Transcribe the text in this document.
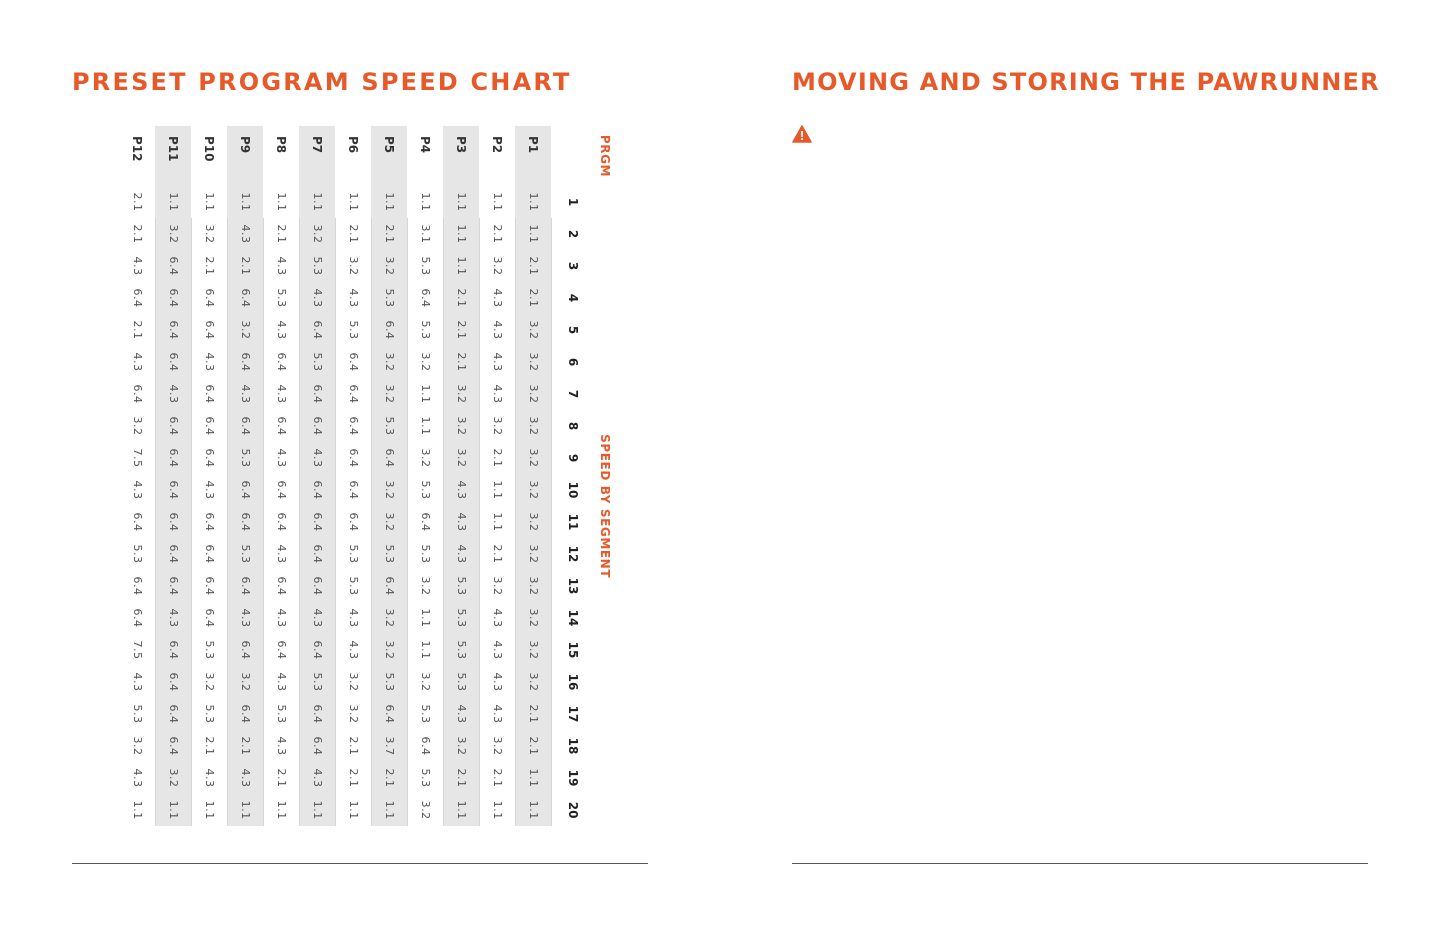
PRESET PROGRAM SPEED CHART
PRGM	SPEED BY SEGMENT																			
	1	2	3	4	5	6	7	8	9	10	11	12	13	14	15	16	17	18	19	20
P1	1.1	1.1	2.1	2.1	3.2	3.2	3.2	3.2	3.2	3.2	3.2	3.2	3.2	3.2	3.2	3.2	2.1	2.1	1.1	1.1
P2	1.1	2.1	3.2	4.3	4.3	4.3	4.3	3.2	2.1	1.1	1.1	2.1	3.2	4.3	4.3	4.3	4.3	3.2	2.1	1.1
P3	1.1	1.1	1.1	2.1	2.1	2.1	3.2	3.2	3.2	4.3	4.3	4.3	5.3	5.3	5.3	5.3	4.3	3.2	2.1	1.1
P4	1.1	3.1	5.3	6.4	5.3	3.2	1.1	1.1	3.2	5.3	6.4	5.3	3.2	1.1	1.1	3.2	5.3	6.4	5.3	3.2
P5	1.1	2.1	3.2	5.3	6.4	3.2	3.2	5.3	6.4	3.2	3.2	5.3	6.4	3.2	3.2	5.3	6.4	3.7	2.1	1.1
P6	1.1	2.1	3.2	4.3	5.3	6.4	6.4	6.4	6.4	6.4	6.4	5.3	5.3	4.3	4.3	3.2	3.2	2.1	2.1	1.1
P7	1.1	3.2	5.3	4.3	6.4	5.3	6.4	6.4	4.3	6.4	6.4	6.4	6.4	4.3	6.4	5.3	6.4	6.4	4.3	1.1
P8	1.1	2.1	4.3	5.3	4.3	6.4	4.3	6.4	4.3	6.4	6.4	4.3	6.4	4.3	6.4	4.3	5.3	4.3	2.1	1.1
P9	1.1	4.3	2.1	6.4	3.2	6.4	4.3	6.4	5.3	6.4	6.4	5.3	6.4	4.3	6.4	3.2	6.4	2.1	4.3	1.1
P10	1.1	3.2	2.1	6.4	6.4	4.3	6.4	6.4	6.4	4.3	6.4	6.4	6.4	6.4	5.3	3.2	5.3	2.1	4.3	1.1
P11	1.1	3.2	6.4	6.4	6.4	6.4	4.3	6.4	6.4	6.4	6.4	6.4	6.4	4.3	6.4	6.4	6.4	6.4	3.2	1.1
P12	2.1	2.1	4.3	6.4	2.1	4.3	6.4	3.2	7.5	4.3	6.4	5.3	6.4	6.4	7.5	4.3	5.3	3.2	4.3	1.1
MOVING AND STORING THE PAWRUNNER
